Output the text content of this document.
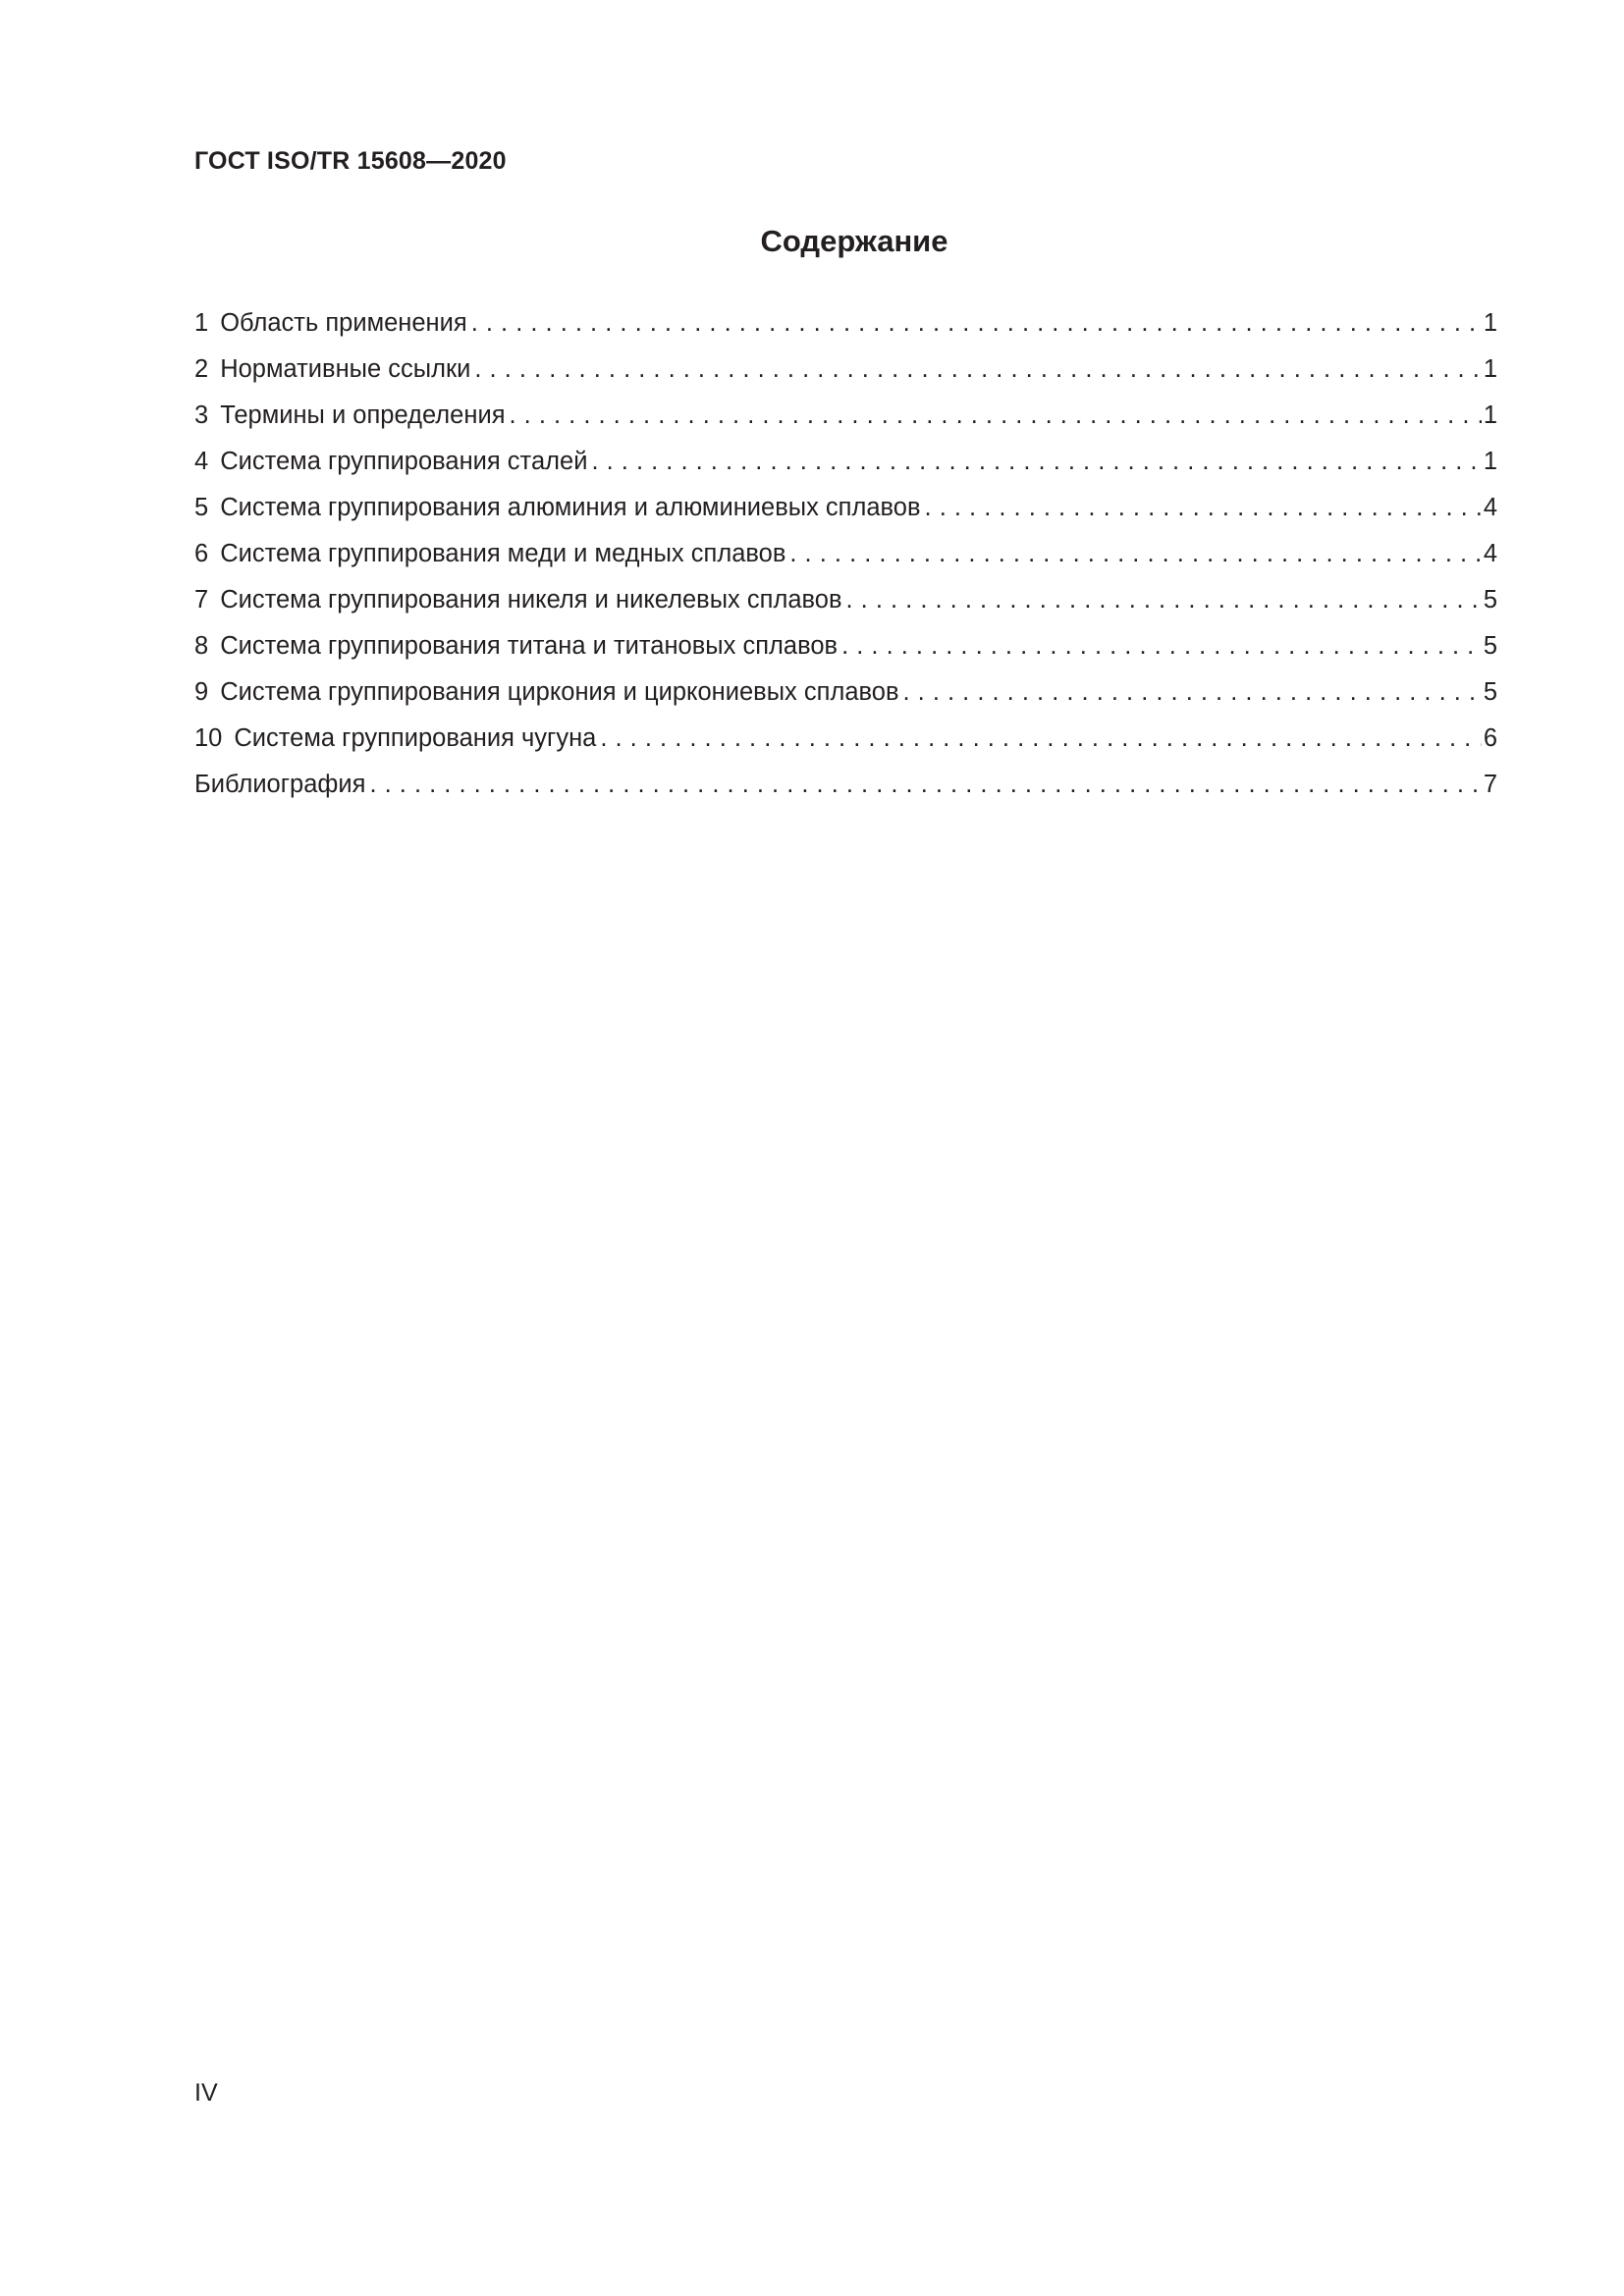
ГОСТ ISO/TR 15608—2020
Содержание
1 Область применения . . .	1
2 Нормативные ссылки . . .	1
3 Термины и определения . . .	1
4 Система группирования сталей . . .	1
5 Система группирования алюминия и алюминиевых сплавов . . .	4
6 Система группирования меди и медных сплавов . . .	4
7 Система группирования никеля и никелевых сплавов . . .	5
8 Система группирования титана и титановых сплавов . . .	5
9 Система группирования циркония и циркониевых сплавов . . .	5
10 Система группирования чугуна . . .	6
Библиография . . .	7
IV
